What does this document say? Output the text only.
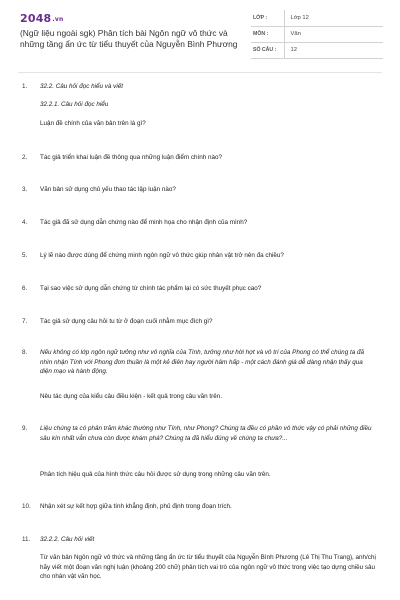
2048.vn
(Ngữ liệu ngoài sgk) Phân tích bài Ngôn ngữ vô thức và những tầng ẩn ức từ tiểu thuyết của Nguyễn Bình Phương
LỚP :		Lớp 12
MÔN :		Văn
SỐ CÂU :		12
1.	32.2. Câu hỏi đọc hiểu và viết
32.2.1. Câu hỏi đọc hiểu
Luận đề chính của văn bản trên là gì?
2.	Tác giả triển khai luận đề thông qua những luận điểm chính nào?
3.	Văn bản sử dụng chủ yếu thao tác lập luận nào?
4.	Tác giả đã sử dụng dẫn chứng nào để minh họa cho nhận định của mình?
5.	Lý lẽ nào được dùng để chứng minh ngôn ngữ vô thức giúp nhân vật trở nên đa chiều?
6.	Tại sao việc sử dụng dẫn chứng từ chính tác phẩm lại có sức thuyết phục cao?
7.	Tác giả sử dụng câu hỏi tu từ ở đoạn cuối nhằm mục đích gì?
8.	Nếu không có lớp ngôn ngữ tưởng như vô nghĩa của Tính, tưởng như hời hợt và vô tri của Phong có thể chúng ta đã nhìn nhận Tính với Phong đơn thuần là một kẻ điên hay người hâm hấp - một cách đánh giá dễ dàng nhận thấy qua diện mạo và hành động.
Nêu tác dụng của kiểu câu điều kiện - kết quả trong câu văn trên.
9.	Liệu chúng ta có phân trăm khác thường như Tính, như Phong? Chúng ta đều có phần vô thức vậy có phải những điều sâu kín nhất vẫn chưa còn được khám phá? Chúng ta đã hiểu đúng về chúng ta chưa?...
Phân tích hiệu quả của hình thức câu hỏi được sử dụng trong những câu văn trên.
10.	Nhận xét sự kết hợp giữa tính khẳng định, phủ định trong đoạn trích.
11.	32.2.2. Câu hỏi viết
Từ văn bản Ngôn ngữ vô thức và những tầng ẩn ức từ tiểu thuyết của Nguyễn Bình Phương (Lê Thị Thu Trang), anh/chị hãy viết một đoạn văn nghị luận (khoảng 200 chữ) phân tích vai trò của ngôn ngữ vô thức trong việc tạo dựng chiều sâu cho nhân vật văn học.
